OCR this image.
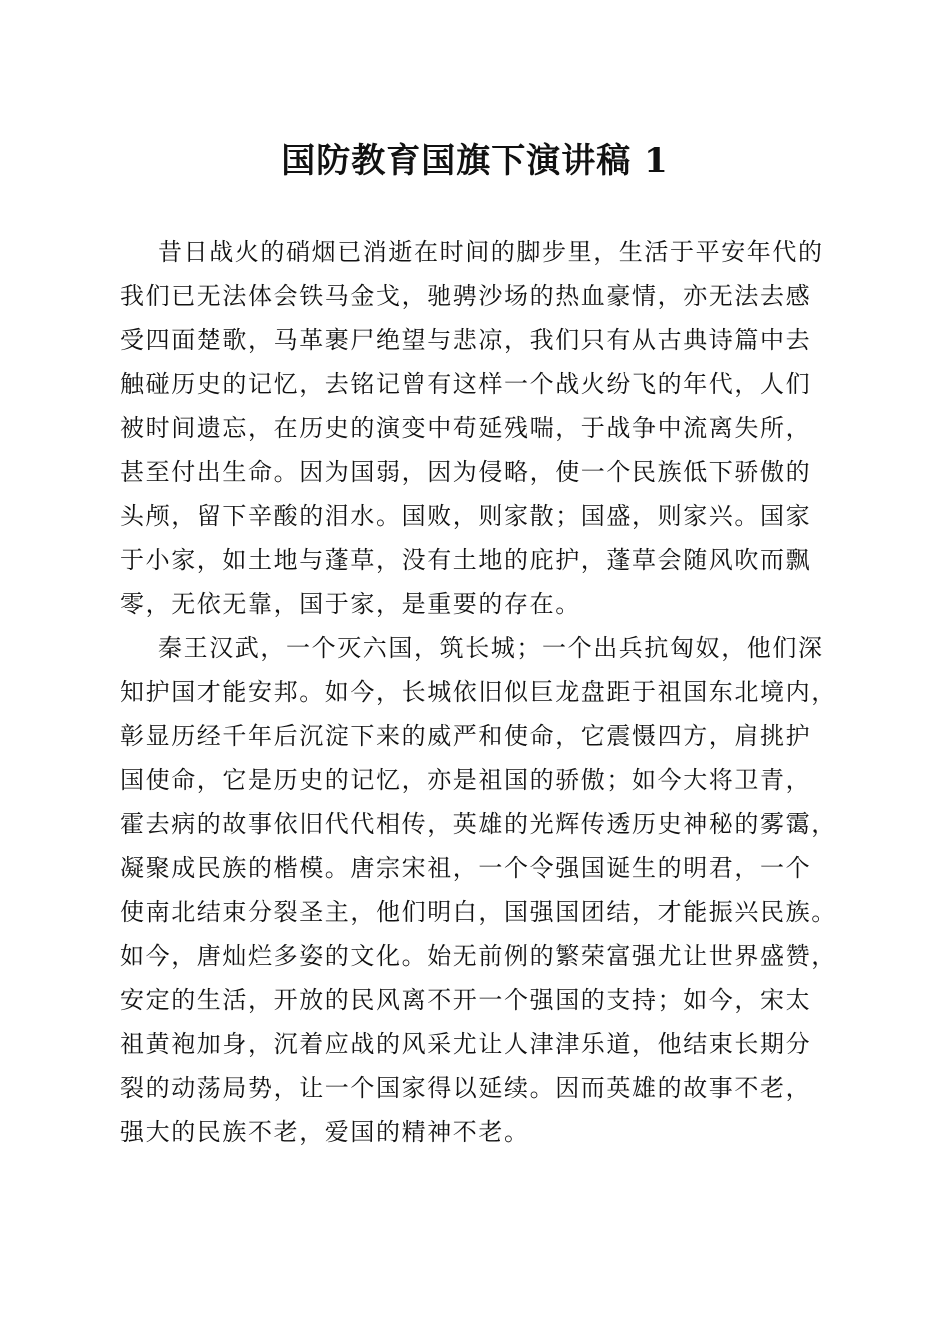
国防教育国旗下演讲稿 1
昔日战火的硝烟已消逝在时间的脚步里，生活于平安年代的
我们已无法体会铁马金戈，驰骋沙场的热血豪情，亦无法去感
受四面楚歌，马革裹尸绝望与悲凉，我们只有从古典诗篇中去
触碰历史的记忆，去铭记曾有这样一个战火纷飞的年代，人们
被时间遗忘，在历史的演变中苟延残喘，于战争中流离失所，
甚至付出生命。因为国弱，因为侵略，使一个民族低下骄傲的
头颅，留下辛酸的泪水。国败，则家散；国盛，则家兴。国家
于小家，如土地与蓬草，没有土地的庇护，蓬草会随风吹而飘
零，无依无靠，国于家，是重要的存在。
秦王汉武，一个灭六国，筑长城；一个出兵抗匈奴，他们深
知护国才能安邦。如今，长城依旧似巨龙盘距于祖国东北境内，
彰显历经千年后沉淀下来的威严和使命，它震慑四方，肩挑护
国使命，它是历史的记忆，亦是祖国的骄傲；如今大将卫青，
霍去病的故事依旧代代相传，英雄的光辉传透历史神秘的雾霭，
凝聚成民族的楷模。唐宗宋祖，一个令强国诞生的明君，一个
使南北结束分裂圣主，他们明白，国强国团结，才能振兴民族。
如今，唐灿烂多姿的文化。始无前例的繁荣富强尤让世界盛赞，
安定的生活，开放的民风离不开一个强国的支持；如今，宋太
祖黄袍加身，沉着应战的风采尤让人津津乐道，他结束长期分
裂的动荡局势，让一个国家得以延续。因而英雄的故事不老，
强大的民族不老，爱国的精神不老。
